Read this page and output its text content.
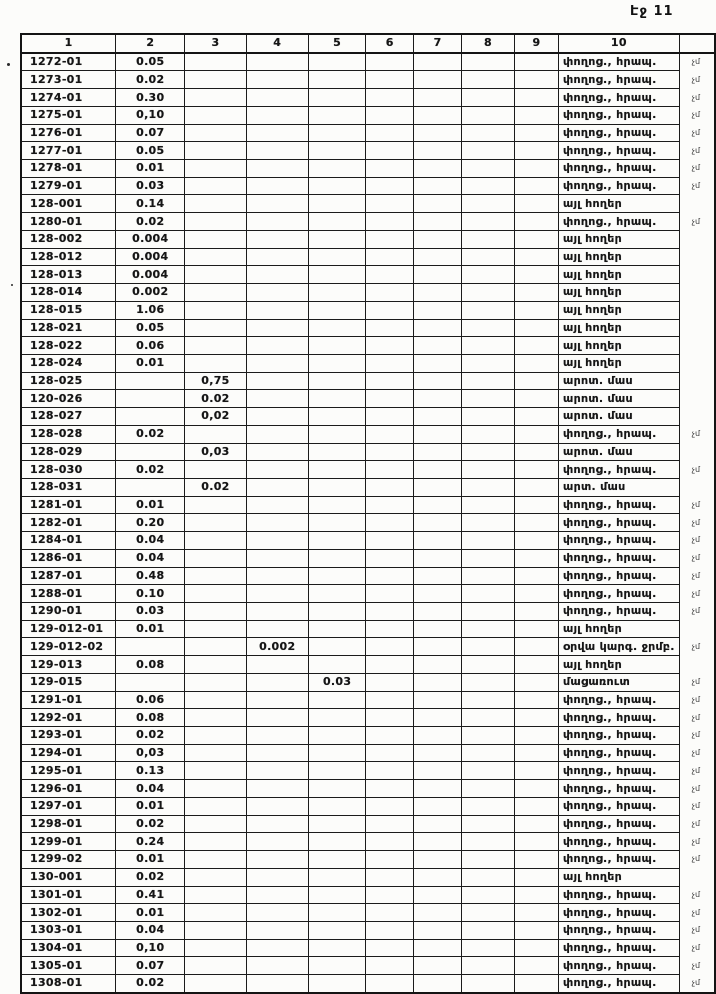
Էջ 11
1	2	3	4	5	6	7	8	9	10	
1272-01	0.05								փողոց., հրապ.	չմ
1273-01	0.02								փողոց., հրապ.	չմ
1274-01	0.30								փողոց., հրապ.	չմ
1275-01	0,10								փողոց., հրապ.	չմ
1276-01	0.07								փողոց., հրապ.	չմ
1277-01	0.05								փողոց., հրապ.	չմ
1278-01	0.01								փողոց., հրապ.	չմ
1279-01	0.03								փողոց., հրապ.	չմ
128-001	0.14								այլ հողեր	
1280-01	0.02								փողոց., հրապ.	չմ
128-002	0.004								այլ հողեր	
128-012	0.004								այլ հողեր	
128-013	0.004								այլ հողեր	
128-014	0.002								այլ հողեր	
128-015	1.06								այլ հողեր	
128-021	0.05								այլ հողեր	
128-022	0.06								այլ հողեր	
128-024	0.01								այլ հողեր	
128-025		0,75							արոտ. մաս	
120-026		0.02							արոտ. մաս	
128-027		0,02							արոտ. մաս	
128-028	0.02								փողոց., հրապ.	չմ
128-029		0,03							արոտ. մաս	
128-030	0.02								փողոց., հրապ.	չմ
128-031		0.02							արտ. մաս	
1281-01	0.01								փողոց., հրապ.	չմ
1282-01	0.20								փողոց., հրապ.	չմ
1284-01	0.04								փողոց., հրապ.	չմ
1286-01	0.04								փողոց., հրապ.	չմ
1287-01	0.48								փողոց., հրապ.	չմ
1288-01	0.10								փողոց., հրապ.	չմ
1290-01	0.03								փողոց., հրապ.	չմ
129-012-01	0.01								այլ հողեր	
129-012-02			0.002						օրվա կարգ. ջրմբ.	չմ
129-013	0.08								այլ հողեր	
129-015				0.03					մացառուտ	չմ
1291-01	0.06								փողոց., հրապ.	չմ
1292-01	0.08								փողոց., հրապ.	չմ
1293-01	0.02								փողոց., հրապ.	չմ
1294-01	0,03								փողոց., հրապ.	չմ
1295-01	0.13								փողոց., հրապ.	չմ
1296-01	0.04								փողոց., հրապ.	չմ
1297-01	0.01								փողոց., հրապ.	չմ
1298-01	0.02								փողոց., հրապ.	չմ
1299-01	0.24								փողոց., հրապ.	չմ
1299-02	0.01								փողոց., հրապ.	չմ
130-001	0.02								այլ հողեր	
1301-01	0.41								փողոց., հրապ.	չմ
1302-01	0.01								փողոց., հրապ.	չմ
1303-01	0.04								փողոց., հրապ.	չմ
1304-01	0,10								փողոց., հրապ.	չմ
1305-01	0.07								փողոց., հրապ.	չմ
1308-01	0.02								փողոց., հրապ.	չմ
